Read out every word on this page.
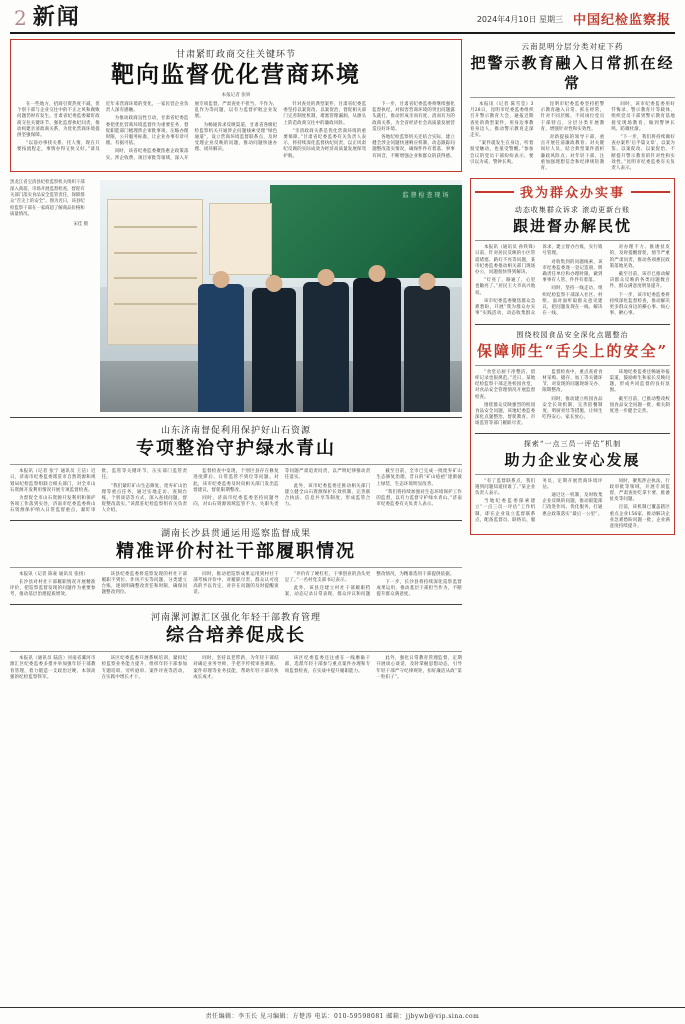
2 新闻	2024年4月10日 星期三 中国纪检监察报
甘肃紧盯政商交往关键环节
靶向监督优化营商环境
本报记者 张妍

在一些地方，招商引资热度不减，但个别干部与企业交往中的不正之风和腐败问题仍时有发生。甘肃省纪委监委紧盯政商交往关键环节，强化监督执纪问责，推动构建亲清政商关系，为优化营商环境提供坚强保障。

“以前办事找关系、托人情，现在只要按流程走，事情办得又快又好。”谈及近年来营商环境的变化，一家民营企业负责人深有感触。

为推动政商良性互动，甘肃省纪委监委把优化营商环境监督作为重要任务，督促职能部门梳理涉企审批事项，压缩办理时限，公开服务标准，让企业办事有章可循、有据可依。

同时，该省纪委监委聚焦惠企政策落实、涉企收费、项目审批等领域，深入开展专项监督，严肃查处不担当、不作为、乱作为等问题，以有力监督护航企业发展。

为畅通诉求反映渠道，甘肃省各级纪检监察机关开通涉企问题线索受理“绿色通道”，设立营商环境监督联系点，及时受理企业反映的问题，推动问题快速办理、闭环解决。

针对查处的典型案件，甘肃省纪委监委坚持以案促改、以案促治，督促相关部门完善制度机制，堵塞管理漏洞，从源头上防范政商交往中的廉政风险。

“亲清政商关系是优化营商环境的重要保障。”甘肃省纪委监委有关负责人表示，将持续深化监督执纪问责，以正风肃纪反腐的实际成效为经济高质量发展保驾护航。

下一步，甘肃省纪委监委将继续强化监督执纪，对损害营商环境的突出问题露头就打，推动形成亲而有度、清而有为的政商关系，为全省经济社会高质量发展营造良好环境。

各地纪检监察机关还结合实际，建立健全涉企问题快速响应机制，动态跟踪问题整改落实情况，确保件件有着落、事事有回音，不断增强企业和群众的获得感。

云南昆明分层分类对症下药
把警示教育融入日常抓在经常

本报讯（记者 陈雪莹）3月28日，昆明市纪委监委组织召开警示教育大会，通报近期查处的典型案件，用身边事教育身边人，推动警示教育走深走实。

“案件就发生在身边，听着很受触动，也很受警醒。”参加会议的党员干部纷纷表示，要引以为戒、警钟长鸣。

昆明市纪委监委坚持把警示教育融入日常、抓在经常，针对不同层级、不同岗位党员干部特点，分层分类开展教育，增强针对性和实效性。

对新提拔的领导干部，重点开展任前廉政教育；对关键岗位人员，结合典型案件剖析廉政风险点；对年轻干部，注重加强理想信念和纪律规矩教育。

同时，该市纪委监委用好忏悔录、警示教育片等载体，组织党员干部到警示教育基地接受现场教育，做到警钟长鸣、防微杜渐。

“下一步，我们将持续做好查办案件‘后半篇文章’，以案为鉴、以案促改、以案促治，不断提升警示教育的针对性和实效性。”昆明市纪委监委有关负责人表示。

黑龙江省宝清县纪检监察机关组织干部深入商超、市场开展监督检查，督促有关部门落实食品安全监管责任，保障群众“舌尖上的安全”。图为近日，该县纪检监察干部在一家商超了解商品价格和质量情况。
宋佳 摄
监督检查现场
山东济南督促利用保护好山石资源
专项整治守护绿水青山

本报讯（记者 张宁 通讯员 王洁）近日，济南市纪委监委派驻市自然资源和规划局纪检监察组联合相关部门，对全市山石资源开发利用情况开展专项监督检查。

为督促全市山石资源开发利用和保护各项工作落到实处，济南市纪委监委将山石资源保护纳入日常监督重点，紧盯审批、监管等关键环节，压实部门监管责任。

“我们紧盯矿山生态修复、废弃矿山治理等重点任务，通过实地走访、查阅台账、个别谈话等方式，深入查找问题，督促整改落实。”该派驻纪检监察组有关负责人介绍。

监督检查中发现，个别区县存在修复进度滞后、日常监管不到位等问题。对此，该市纪委监委及时向相关部门发出监督建议，督促限期整改。

同时，济南市纪委监委坚持问题导向，对山石资源领域监管不力、失职失责等问题严肃追责问责，以严明纪律推动责任落实。

此外，该市纪委监委还推动相关部门建立健全山石资源保护长效机制，完善联合执法、信息共享等制度，形成监管合力。

截至目前，全市已完成一批废弃矿山生态修复治理，昔日的“矿山疮疤”逐渐披上绿装，生态环境明显改善。

“我们将持续加强对生态环境保护工作的监督，以有力监督守护绿水青山。”济南市纪委监委有关负责人表示。

湖南长沙县贯通运用巡察监督成果
精准评价村社干部履职情况

本报讯（记者 陈豪 通讯员 张扬）

长沙县对村社干部履职情况开展精准评价，把巡察监督发现的问题作为重要参考，推动基层治理提质增效。

该县纪委监委将巡察发现的村社干部履职不到位、作风不实等问题，分类建立台账，逐项明确整改责任和时限，确保问题整改到位。

同时，推动把巡察成果运用到村社干部考核评价中，对履职尽责、群众认可度高的予以肯定，对存在问题的及时提醒谈话。

“评价有了硬杠杠，干事创业的劲头更足了。”一名村党支部书记表示。

此外，该县还建立村社干部履职档案，动态记录日常表现、群众评议和问题整改情况，为精准选用干部提供依据。

下一步，长沙县将持续深化巡察监督成果运用，推动基层干部担当作为，不断提升群众满意度。

河南漯河源汇区强化年轻干部教育管理
综合培养促成长

本报讯（通讯员 陆洁）河南省漯河市源汇区纪委监委多措并举加强年轻干部教育管理，着力锻造一支政治过硬、本领高强的纪检监察铁军。

该区纪委监委开展系统培训，紧扣纪检监察业务能力提升，组织年轻干部参加专题培训、旁听庭审、案件评查等活动，在实践中增长才干。

同时，坚持以老带新，为年轻干部结对确定业务导师，手把手传授审查调查、案件审理等业务技能，帮助年轻干部尽快成长成才。

该区纪委监委还注重在一线磨砺干部，选派年轻干部参与重点案件办理和专项监督检查，在实战中提升履职能力。

此外，强化日常教育管理监督，定期开展谈心谈话，及时掌握思想动态，引导年轻干部严守纪律规矩，扣好廉洁从政“第一粒扣子”。

我为群众办实事
动态收集群众诉求 滚动更新台账
跟进督办解民忧

本报讯（通讯员 孙铁锋）日前，针对居民反映的小区管道堵塞、路灯不亮等问题，某市纪委监委推动相关部门现场办公，问题很快得到解决。

“灯亮了，路通了，心里也敞亮了。”居民王大爷高兴地说。

该市纪委监委聚焦群众急难愁盼，开展“我为群众办实事”实践活动，动态收集群众诉求，建立督办台账，实行销号管理。

对收集到的问题线索，该市纪委监委逐一登记造册，明确责任单位和办理时限，做到事事有人管、件件有着落。

同时，坚持一线走访，组织纪检监察干部深入社区、村组，面对面听取群众意见建议，把问题发现在一线、解决在一线。

对办理不力、推诿扯皮的，及时提醒督促，情节严重的严肃问责，推动各项惠民政策落地见效。

截至目前，该市已推动解决群众反映的各类问题数百件，群众满意度明显提升。

下一步，该市纪委监委将持续深化监督检查，推动解决更多群众身边的操心事、烦心事、揪心事。

围绕校园食品安全深化点题整治
保障师生“舌尖上的安全”

“食堂后厨干净整洁，留样记录也很规范。”近日，某地纪检监察干部走进校园食堂，对食品安全管理情况开展监督检查。

围绕群众反映强烈的校园食品安全问题，该地纪委监委深化点题整治，督促教育、市场监管等部门履职尽责。

监督检查中，重点查看食材采购、储存、加工等关键环节，对发现的问题现场交办、限期整改。

同时，推动建立校园食品安全长效机制，完善陪餐制度、明厨亮灶等措施，让师生吃得安心、家长放心。

该地纪委监委还畅通举报渠道，鼓励师生和家长反映问题，形成共同监督的良好氛围。

截至目前，已推动整改校园食品安全问题一批，相关制度进一步健全完善。

探索“一点三员一评估”机制
助力企业安心发展

“有了监督联系点，我们遇到问题知道找谁了。”某企业负责人表示。

当地纪委监委探索建立“一点三员一评估”工作机制，即在企业设立监督联系点，配备监督员、联络员、服务员，定期开展营商环境评估。

通过这一机制，及时收集企业反映的问题，推动职能部门改进作风、优化服务，打通惠企政策落实“最后一公里”。

同时，聚焦涉企执法、行政审批等领域，开展专项监督，严肃查处吃拿卡要、推诿扯皮等问题。

目前，该机制已覆盖辖区重点企业156家，推动解决企业急难愁盼问题一批，企业满意度持续提升。

责任编辑：李玉长 见习编辑：方楚涛 电话：010-59598081 邮箱：jjbywb@vip.sina.com
